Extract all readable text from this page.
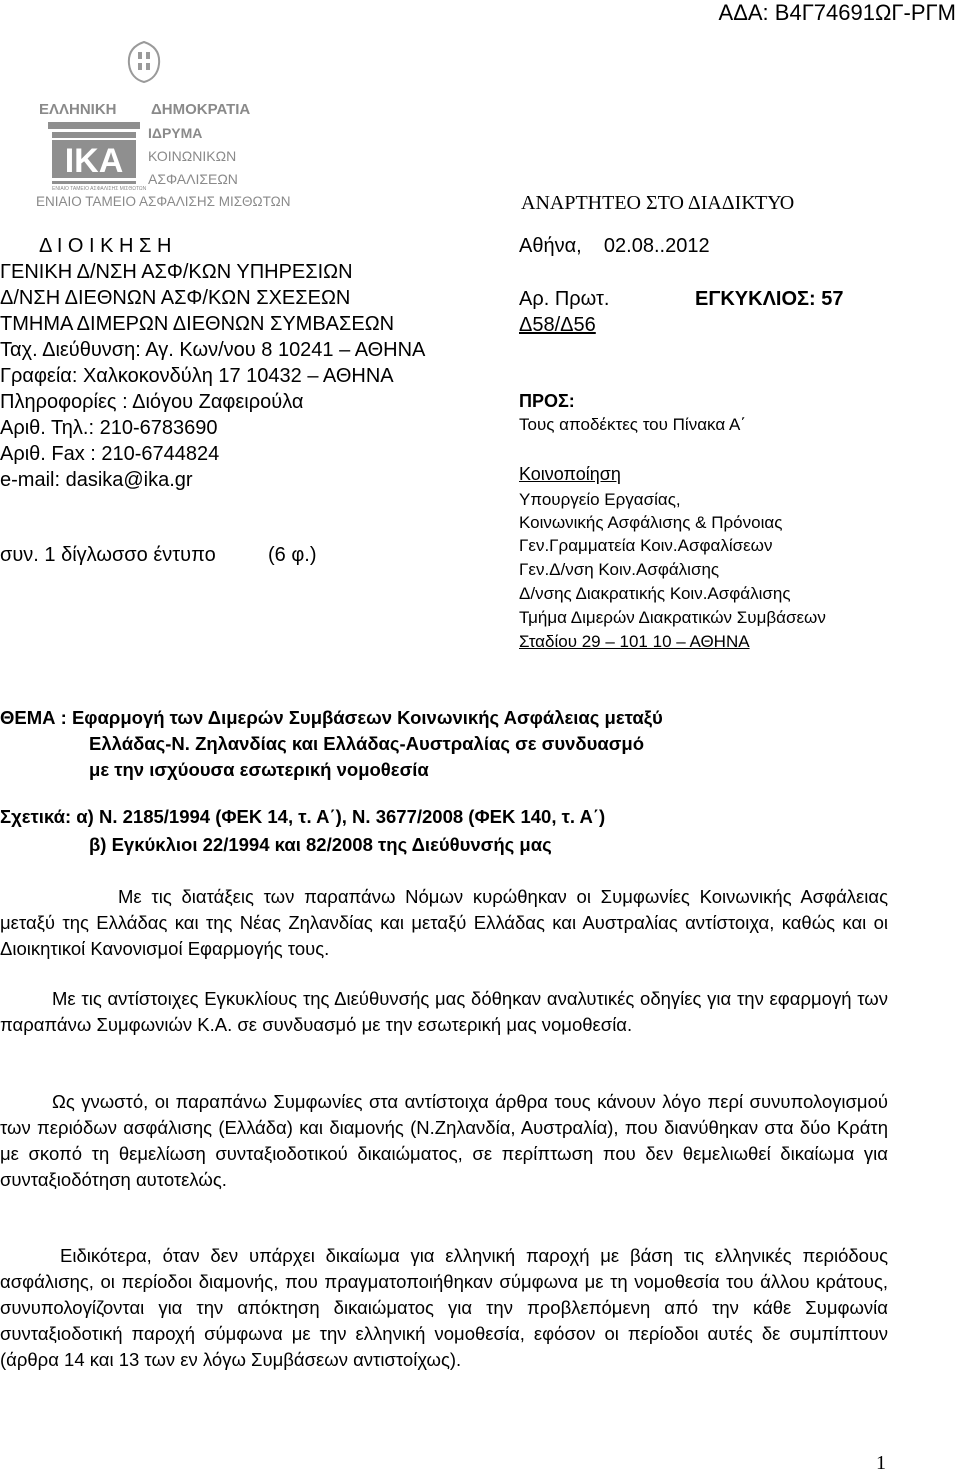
ΑΔΑ: Β4Γ74691ΩΓ-ΡΓΜ
ΕΛΛΗΝΙΚΗ ΔΗΜΟΚΡΑΤΙΑ
ΙΚΑ
ΙΔΡΥΜΑ
ΚΟΙΝΩΝΙΚΩΝ
ΑΣΦΑΛΙΣΕΩΝ
ΕΝΙΑΙΟ ΤΑΜΕΙΟ ΑΣΦΑΛΙΣΗΣ ΜΙΣΘΩΤΩΝ
ΕΝΙΑΙΟ ΤΑΜΕΙΟ ΑΣΦΑΛΙΣΗΣ ΜΙΣΘΩΤΩΝ	ΑΝΑΡΤΗΤΕΟ ΣΤΟ ΔΙΑΔΙΚΤΥΟ
Δ Ι Ο Ι Κ Η Σ Η
ΓΕΝΙΚΗ Δ/ΝΣΗ ΑΣΦ/ΚΩΝ ΥΠΗΡΕΣΙΩΝ
Δ/ΝΣΗ ΔΙΕΘΝΩΝ ΑΣΦ/ΚΩΝ ΣΧΕΣΕΩΝ
ΤΜΗΜΑ ΔΙΜΕΡΩΝ ΔΙΕΘΝΩΝ ΣΥΜΒΑΣΕΩΝ
Ταχ. Διεύθυνση: Αγ. Κων/νου 8 10241 – ΑΘΗΝΑ
Γραφεία: Χαλκοκονδύλη 17 10432 – ΑΘΗΝΑ
Πληροφορίες : Διόγου Ζαφειρούλα
Αριθ. Τηλ.: 210-6783690
Αριθ. Fax : 210-6744824
e-mail: dasika@ika.gr
συν. 1 δίγλωσσο έντυπο	(6 φ.)
Αθήνα,    02.08..2012
Αρ. Πρωτ.	ΕΓΚΥΚΛΙΟΣ: 57
Δ58/Δ56
ΠΡΟΣ:
Τους αποδέκτες του Πίνακα Α΄
Κοινοποίηση
Υπουργείο Εργασίας,
Κοινωνικής Ασφάλισης & Πρόνοιας
Γεν.Γραμματεία Κοιν.Ασφαλίσεων
Γεν.Δ/νση Κοιν.Ασφάλισης
Δ/νσης Διακρατικής Κοιν.Ασφάλισης
Τμήμα Διμερών Διακρατικών Συμβάσεων
Σταδίου 29 – 101 10 – ΑΘΗΝΑ
ΘΕΜΑ : Εφαρμογή των Διμερών Συμβάσεων Κοινωνικής Ασφάλειας μεταξύ
Ελλάδας-Ν. Ζηλανδίας και Ελλάδας-Αυστραλίας σε συνδυασμό
με την ισχύουσα εσωτερική νομοθεσία
Σχετικά: α) Ν. 2185/1994 (ΦΕΚ 14, τ. Α΄), Ν. 3677/2008 (ΦΕΚ 140, τ. Α΄)
β) Εγκύκλιοι 22/1994 και 82/2008 της Διεύθυνσής μας

Με τις διατάξεις των παραπάνω Νόμων κυρώθηκαν οι Συμφωνίες Κοινωνικής Ασφάλειας μεταξύ της Ελλάδας και της Νέας Ζηλανδίας και μεταξύ Ελλάδας και Αυστραλίας αντίστοιχα, καθώς και οι Διοικητικοί Κανονισμοί Εφαρμογής τους.

Με τις αντίστοιχες Εγκυκλίους της Διεύθυνσής μας δόθηκαν αναλυτικές οδηγίες για την εφαρμογή των παραπάνω Συμφωνιών Κ.Α. σε συνδυασμό με την εσωτερική μας νομοθεσία.

Ως γνωστό, οι παραπάνω Συμφωνίες στα αντίστοιχα άρθρα τους κάνουν λόγο περί συνυπολογισμού των περιόδων ασφάλισης (Ελλάδα) και διαμονής (Ν.Ζηλανδία, Αυστραλία), που διανύθηκαν στα δύο Κράτη με σκοπό τη θεμελίωση συνταξιοδοτικού δικαιώματος, σε περίπτωση που δεν θεμελιωθεί δικαίωμα για συνταξιοδότηση αυτοτελώς.

Ειδικότερα, όταν δεν υπάρχει δικαίωμα για ελληνική παροχή με βάση τις ελληνικές περιόδους ασφάλισης, οι περίοδοι διαμονής, που πραγματοποιήθηκαν σύμφωνα με τη νομοθεσία του άλλου κράτους, συνυπολογίζονται για την απόκτηση δικαιώματος για την προβλεπόμενη από την κάθε Συμφωνία συνταξιοδοτική παροχή σύμφωνα με την ελληνική νομοθεσία, εφόσον οι περίοδοι αυτές δε συμπίπτουν (άρθρα 14 και 13 των εν λόγω Συμβάσεων αντιστοίχως).

1
